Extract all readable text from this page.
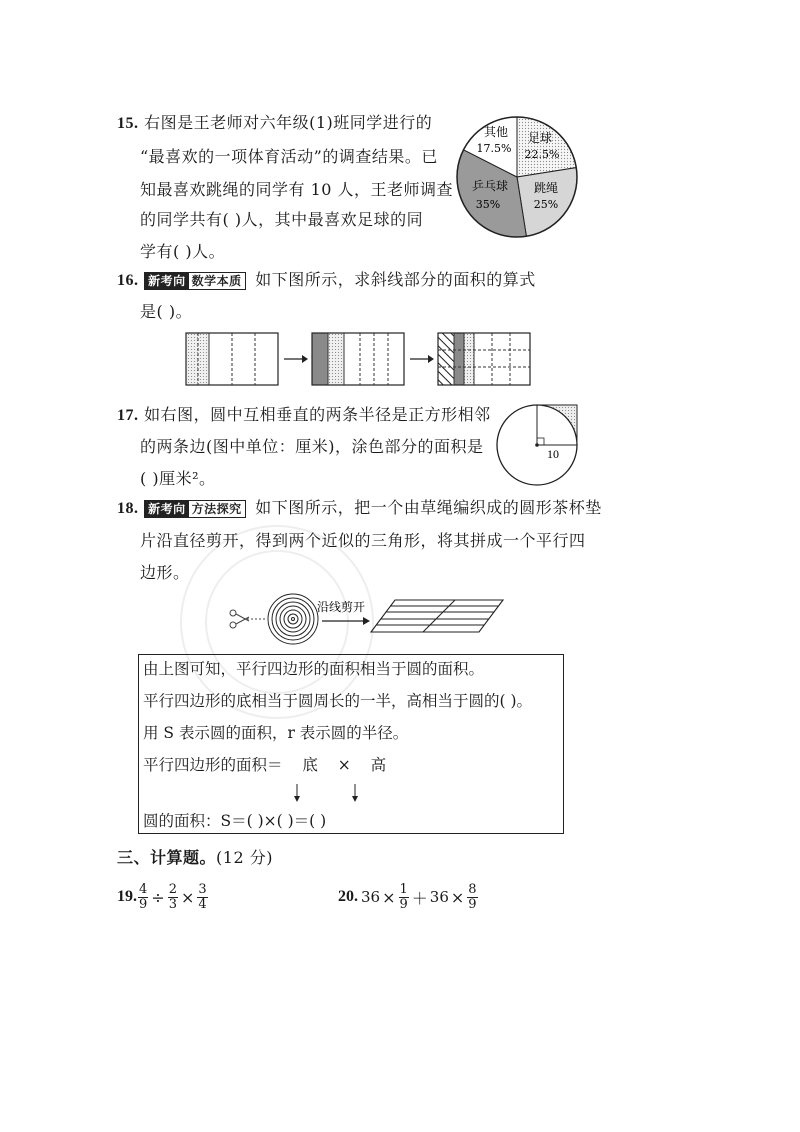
15. 右图是王老师对六年级(1)班同学进行的
“最喜欢的一项体育活动”的调查结果。已
知最喜欢跳绳的同学有 10 人，王老师调查
的同学共有( )人，其中最喜欢足球的同
学有( )人。
其他
17.5%
足球
22.5%
跳绳
25%
乒乓球
35%
16. 新考向 数学本质 如下图所示，求斜线部分的面积的算式
是( )。
17. 如右图，圆中互相垂直的两条半径是正方形相邻
的两条边(图中单位：厘米)，涂色部分的面积是
( )厘米²。
10
18. 新考向 方法探究 如下图所示，把一个由草绳编织成的圆形茶杯垫
片沿直径剪开，得到两个近似的三角形，将其拼成一个平行四
边形。
沿线剪开
由上图可知，平行四边形的面积相当于圆的面积。
平行四边形的底相当于圆周长的一半，高相当于圆的( )。
用 S 表示圆的面积，r 表示圆的半径。
平行四边形的面积＝ 底 × 高
圆的面积：S＝( )×( )＝( )
三、计算题。(12 分)
19. $\frac{4}{9} \div \frac{2}{3} \times \frac{3}{4}$	20. $36 \times \frac{1}{9} + 36 \times \frac{8}{9}$
